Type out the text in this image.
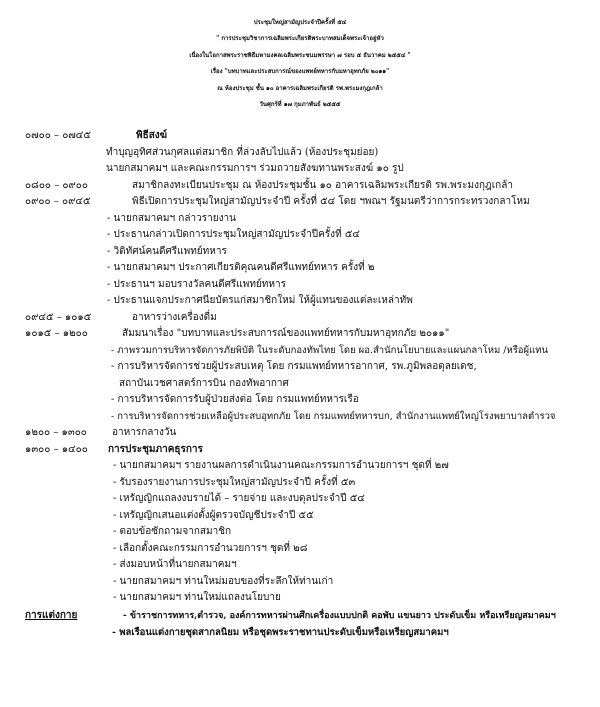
ประชุมใหญ่สามัญประจำปีครั้งที่ ๕๔
" การประชุมวิชาการเฉลิมพระเกียรติพระบาทสมเด็จพระเจ้าอยู่หัว
เนื่องในโอกาสพระราชพิธีมหามงคลเฉลิมพระชนมพรรษา ๗ รอบ ๕ ธันวาคม ๒๕๕๔ "
เรื่อง "บทบาทและประสบการณ์ของแพทย์ทหารกับมหาอุทกภัย ๒๐๑๑"
ณ ห้องประชุม ชั้น ๑๐ อาคารเฉลิมพระเกียรติ รพ.พระมงกุฎเกล้า
วันศุกร์ที่ ๑๗ กุมภาพันธ์ ๒๕๕๕
๐๗๐๐ – ๐๗๔๕	พิธีสงฆ์
ทำบุญอุทิศส่วนกุศลแด่สมาชิก ที่ล่วงลับไปแล้ว (ห้องประชุมย่อย)
นายกสมาคมฯ และคณะกรรมการฯ ร่วมถวายสังฆทานพระสงฆ์ ๑๐ รูป
๐๘๐๐ – ๐๙๐๐	สมาชิกลงทะเบียนประชุม ณ ห้องประชุมชั้น ๑๐ อาคารเฉลิมพระเกียรติ รพ.พระมงกุฎเกล้า
๐๙๐๐ – ๐๙๔๕	พิธีเปิดการประชุมใหญ่สามัญประจำปี ครั้งที่ ๕๔ โดย ฯพณฯ รัฐมนตรีว่าการกระทรวงกลาโหม
- นายกสมาคมฯ กล่าวรายงาน
- ประธานกล่าวเปิดการประชุมใหญ่สามัญประจำปีครั้งที่ ๕๔
- วิดิทัศน์คนดีศรีแพทย์ทหาร
- นายกสมาคมฯ ประกาศเกียรติคุณคนดีศรีแพทย์ทหาร ครั้งที่ ๒
- ประธานฯ มอบรางวัลคนดีศรีแพทย์ทหาร
- ประธานแจกประกาศนียบัตรแก่สมาชิกใหม่ ให้ผู้แทนของแต่ละเหล่าทัพ
๐๙๔๕ – ๑๐๑๕	อาหารว่างเครื่องดื่ม
๑๐๑๕ – ๑๒๐๐	สัมมนาเรื่อง "บทบาทและประสบการณ์ของแพทย์ทหารกับมหาอุทกภัย ๒๐๑๑"
- ภาพรวมการบริหารจัดการภัยพิบัติ ในระดับกองทัพไทย โดย ผอ.สำนักนโยบายและแผนกลาโหม /หรือผู้แทน
- การบริหารจัดการช่วยผู้ประสบเหตุ โดย กรมแพทย์ทหารอากาศ, รพ.ภูมิพลอดุลยเดช,
สถาบันเวชศาสตร์การบิน กองทัพอากาศ
- การบริหารจัดการรับผู้ป่วยส่งต่อ โดย กรมแพทย์ทหารเรือ
- การบริหารจัดการช่วยเหลือผู้ประสบอุทกภัย โดย กรมแพทย์ทหารบก, สำนักงานแพทย์ใหญ่โรงพยาบาลตำรวจ
๑๒๐๐ – ๑๓๐๐	อาหารกลางวัน
๑๓๐๐ – ๑๔๐๐ การประชุมภาคธุรการ
- นายกสมาคมฯ รายงานผลการดำเนินงานคณะกรรมการอำนวยการฯ ชุดที่ ๒๗
- รับรองรายงานการประชุมใหญ่สามัญประจำปี ครั้งที่ ๕๓
- เหรัญญิกแถลงงบรายได้ – รายจ่าย และงบดุลประจำปี ๕๔
- เหรัญญิกเสนอแต่งตั้งผู้ตรวจบัญชีประจำปี ๕๕
- ตอบข้อซักถามจากสมาชิก
- เลือกตั้งคณะกรรมการอำนวยการฯ ชุดที่ ๒๘
- ส่งมอบหน้าที่นายกสมาคมฯ
- นายกสมาคมฯ ท่านใหม่มอบของที่ระลึกให้ท่านเก่า
- นายกสมาคมฯ ท่านใหม่แถลงนโยบาย
การแต่งกาย	- ข้าราชการทหาร,ตำรวจ, องค์การทหารผ่านศึกเครื่องแบบปกติ คอพับ แขนยาว ประดับเข็ม หรือเหรียญสมาคมฯ
- พลเรือนแต่งกายชุดสากลนิยม หรือชุดพระราชทานประดับเข็มหรือเหรียญสมาคมฯ
